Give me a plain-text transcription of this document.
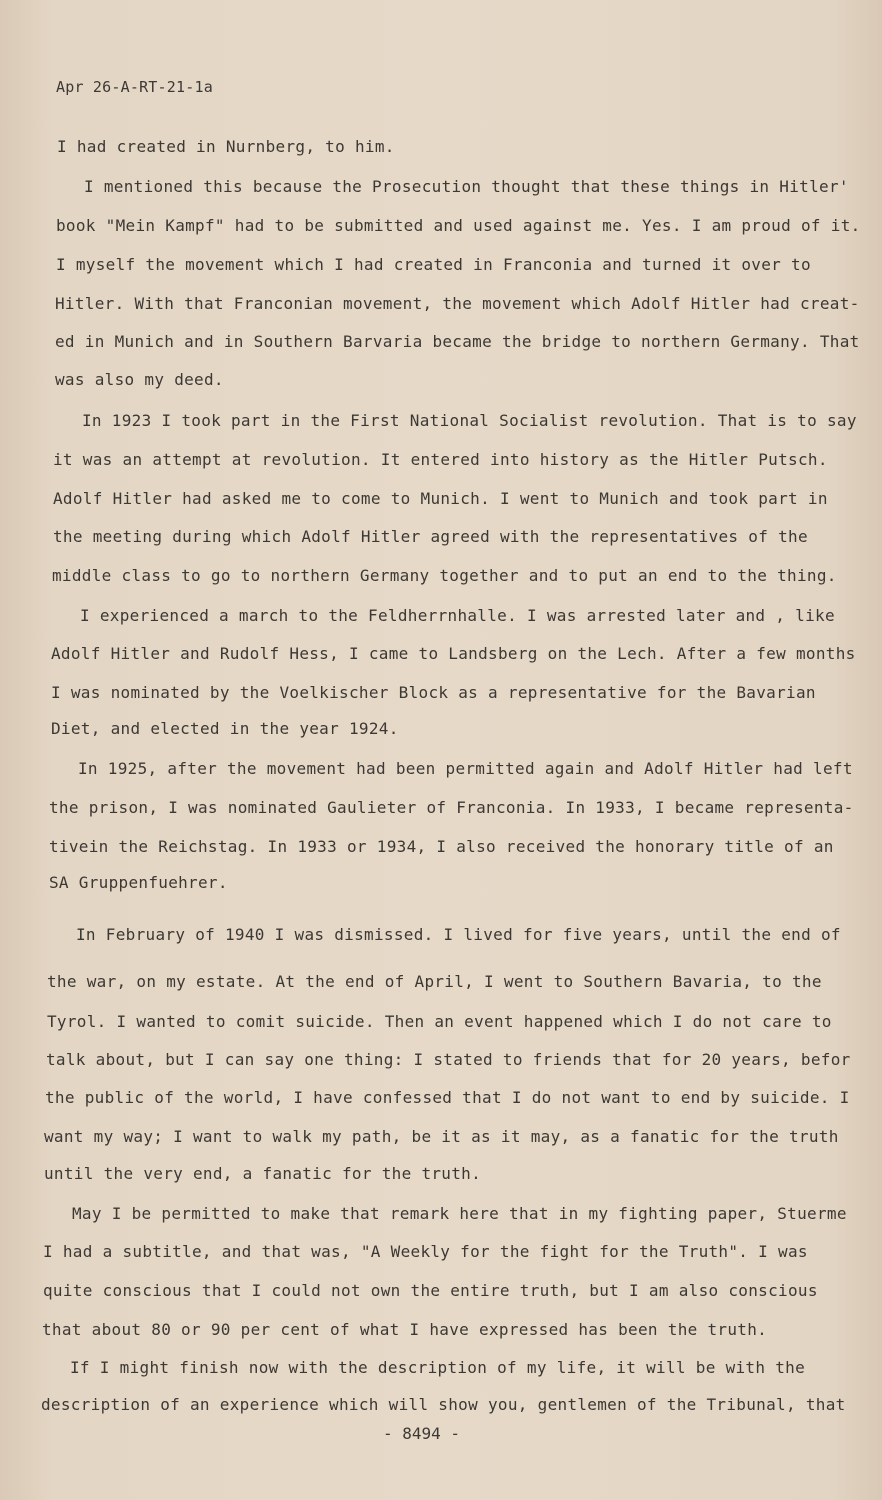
Apr 26-A-RT-21-1a
I had created in Nurnberg, to him.
I mentioned this because the Prosecution thought that these things in Hitler'
book "Mein Kampf" had to be submitted and used against me. Yes. I am proud of it.
I myself the movement which I had created in Franconia and turned it over to
Hitler. With that Franconian movement, the movement which Adolf Hitler had creat-
ed in Munich and in Southern Barvaria became the bridge to northern Germany. That
was also my deed.
In 1923 I took part in the First National Socialist revolution. That is to say
it was an attempt at revolution. It entered into history as the Hitler Putsch.
Adolf Hitler had asked me to come to Munich. I went to Munich and took part in
the meeting during which Adolf Hitler agreed with the representatives of the
middle class to go to northern Germany together and to put an end to the thing.
I experienced a march to the Feldherrnhalle. I was arrested later and , like
Adolf Hitler and Rudolf Hess, I came to Landsberg on the Lech. After a few months
I was nominated by the Voelkischer Block as a representative for the Bavarian
Diet, and elected in the year 1924.
In 1925, after the movement had been permitted again and Adolf Hitler had left
the prison, I was nominated Gaulieter of Franconia. In 1933, I became representa-
tivein the Reichstag. In 1933 or 1934, I also received the honorary title of an
SA Gruppenfuehrer.
In February of 1940 I was dismissed. I lived for five years, until the end of
the war, on my estate. At the end of April, I went to Southern Bavaria, to the
Tyrol. I wanted to comit suicide. Then an event happened which I do not care to
talk about, but I can say one thing: I stated to friends that for 20 years, befor
the public of the world, I have confessed that I do not want to end by suicide. I
want my way; I want to walk my path, be it as it may, as a fanatic for the truth
until the very end, a fanatic for the truth.
May I be permitted to make that remark here that in my fighting paper, Stuerme
I had a subtitle, and that was, "A Weekly for the fight for the Truth". I was
quite conscious that I could not own the entire truth, but I am also conscious
that about 80 or 90 per cent of what I have expressed has been the truth.
If I might finish now with the description of my life, it will be with the
description of an experience which will show you, gentlemen of the Tribunal, that
- 8494 -
